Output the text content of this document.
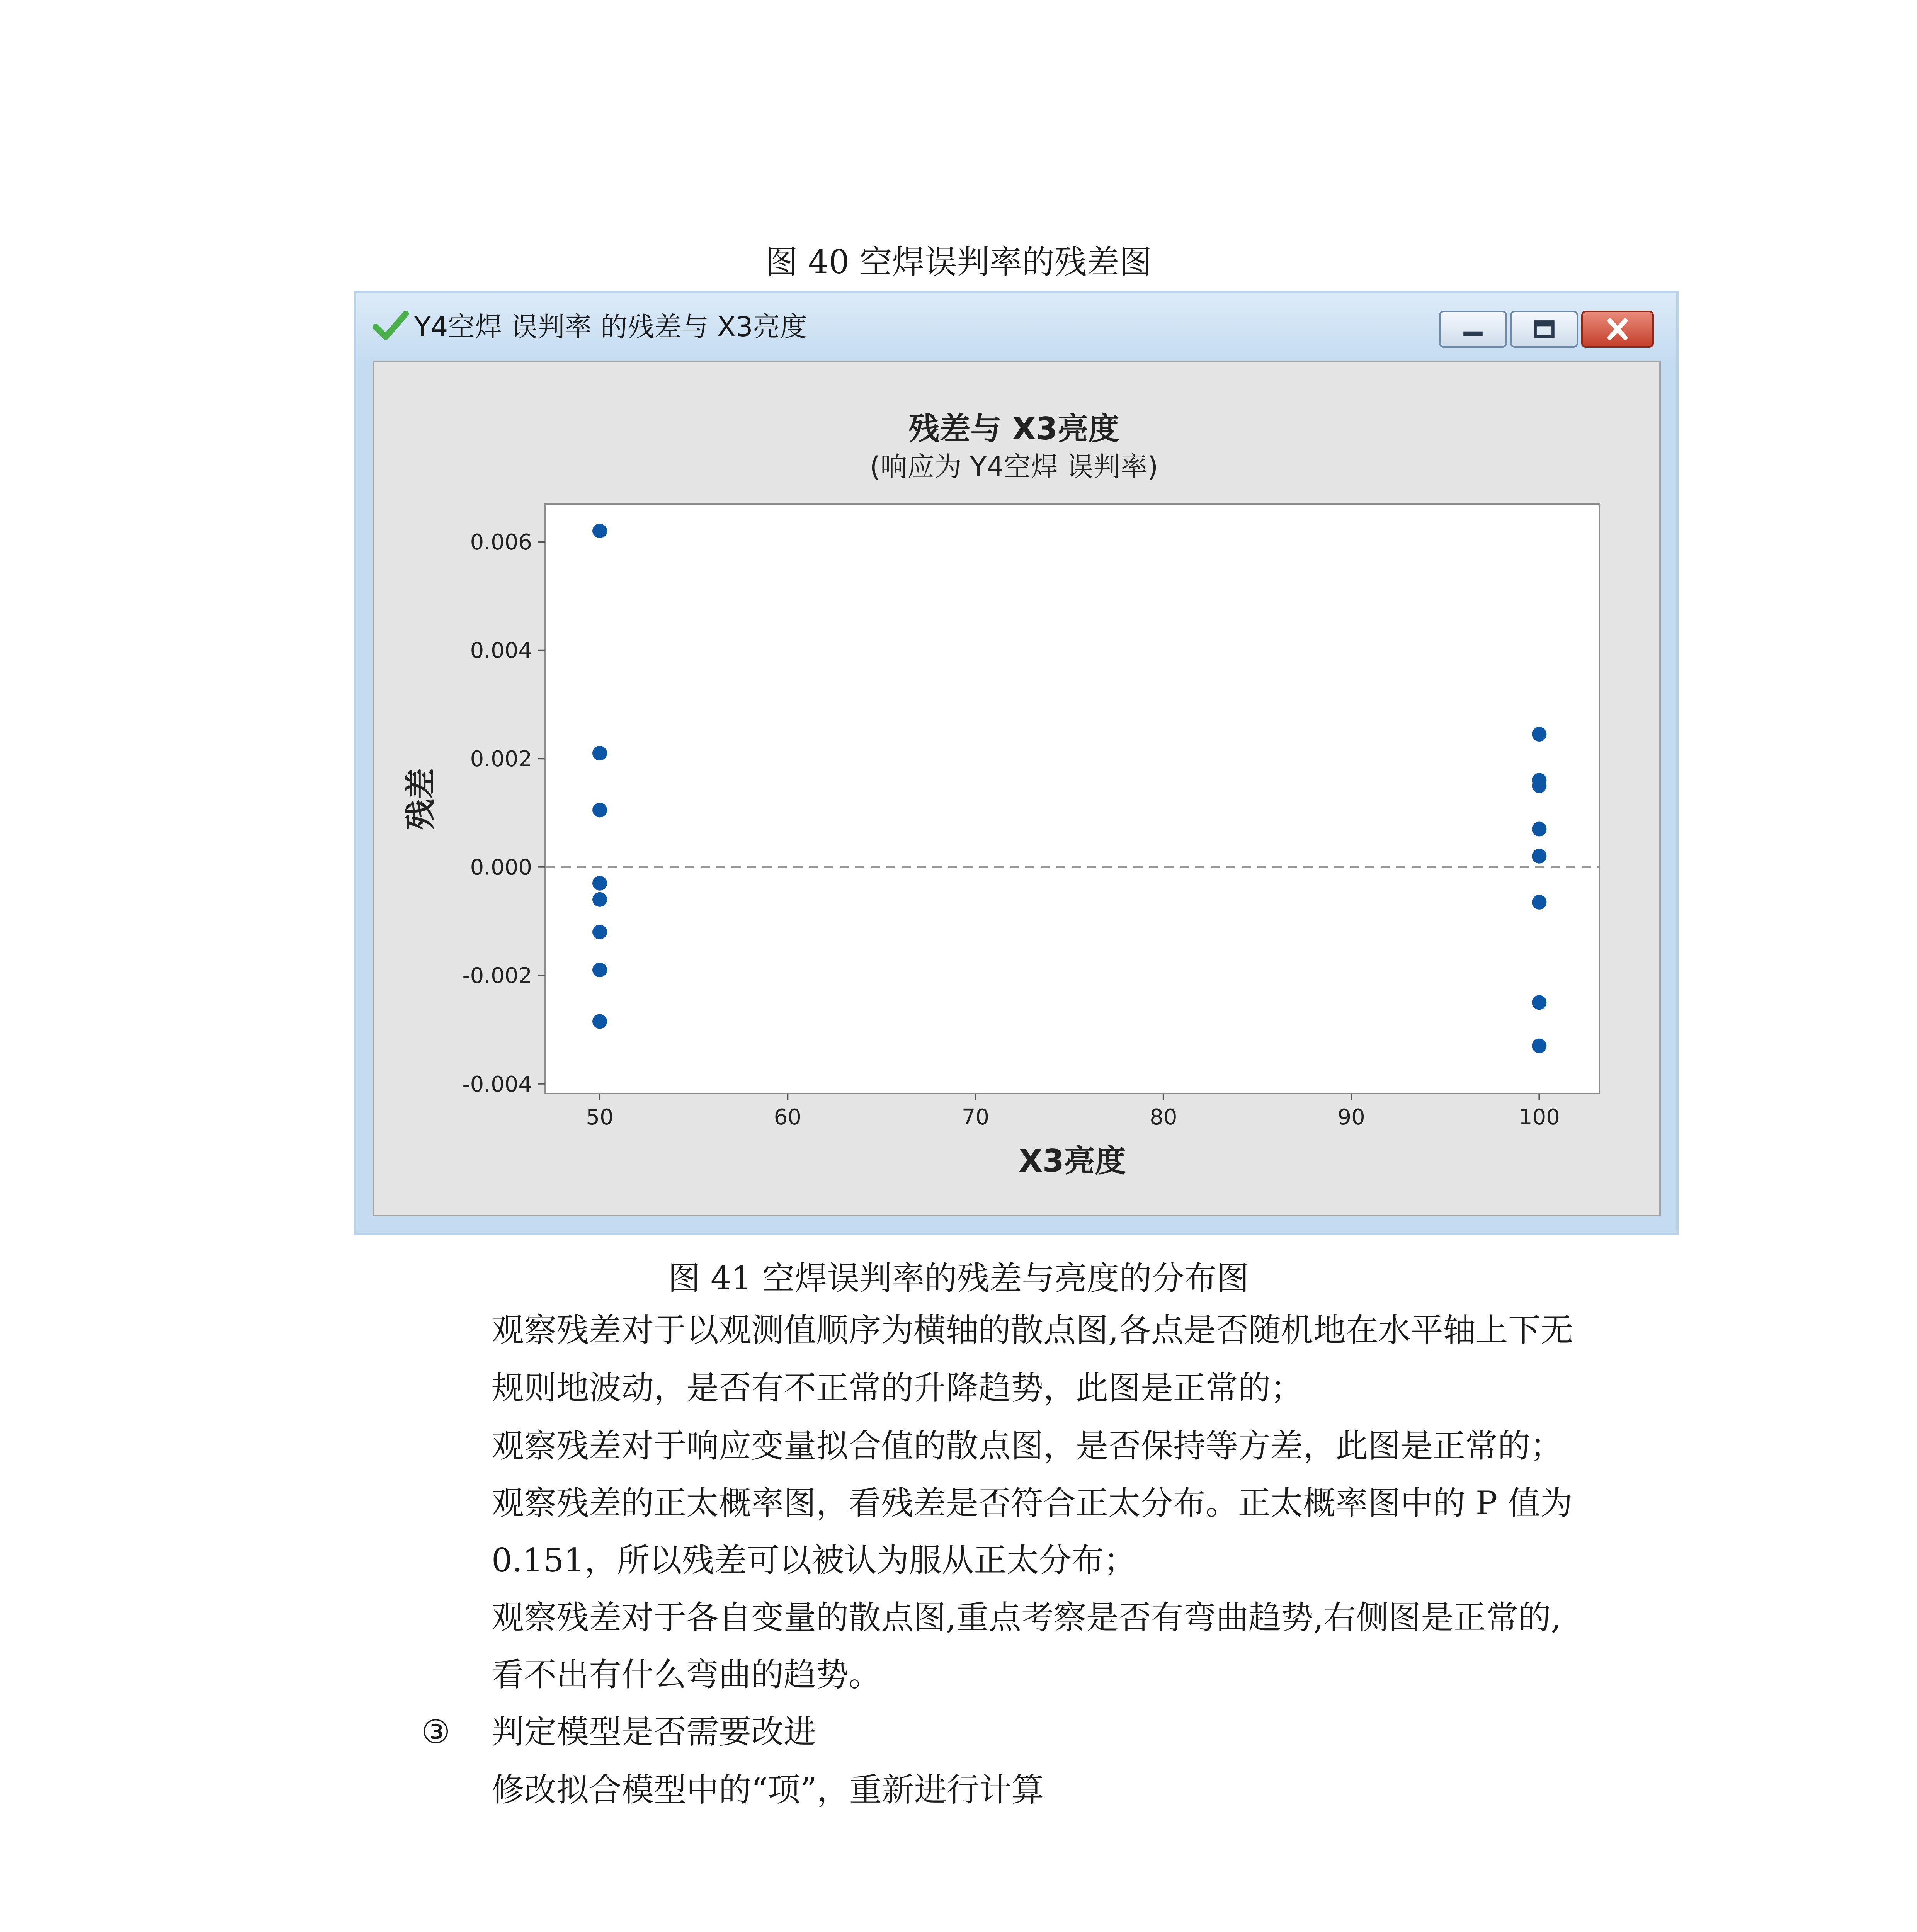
图 40 空焊误判率的残差图
Y4空焊 误判率 的残差与 X3亮度
残差与 X3亮度
(响应为 Y4空焊 误判率)
0.006
0.004
0.002
0.000
-0.002
-0.004
50	60	70	80	90	100
X3亮度
残差
图 41 空焊误判率的残差与亮度的分布图
观察残差对于以观测值顺序为横轴的散点图,各点是否随机地在水平轴上下无
规则地波动，是否有不正常的升降趋势，此图是正常的；
观察残差对于响应变量拟合值的散点图，是否保持等方差，此图是正常的；
观察残差的正太概率图，看残差是否符合正太分布。正太概率图中的 P 值为
0.151，所以残差可以被认为服从正太分布；
观察残差对于各自变量的散点图,重点考察是否有弯曲趋势,右侧图是正常的,
看不出有什么弯曲的趋势。
③ 判定模型是否需要改进
修改拟合模型中的“项”，重新进行计算
